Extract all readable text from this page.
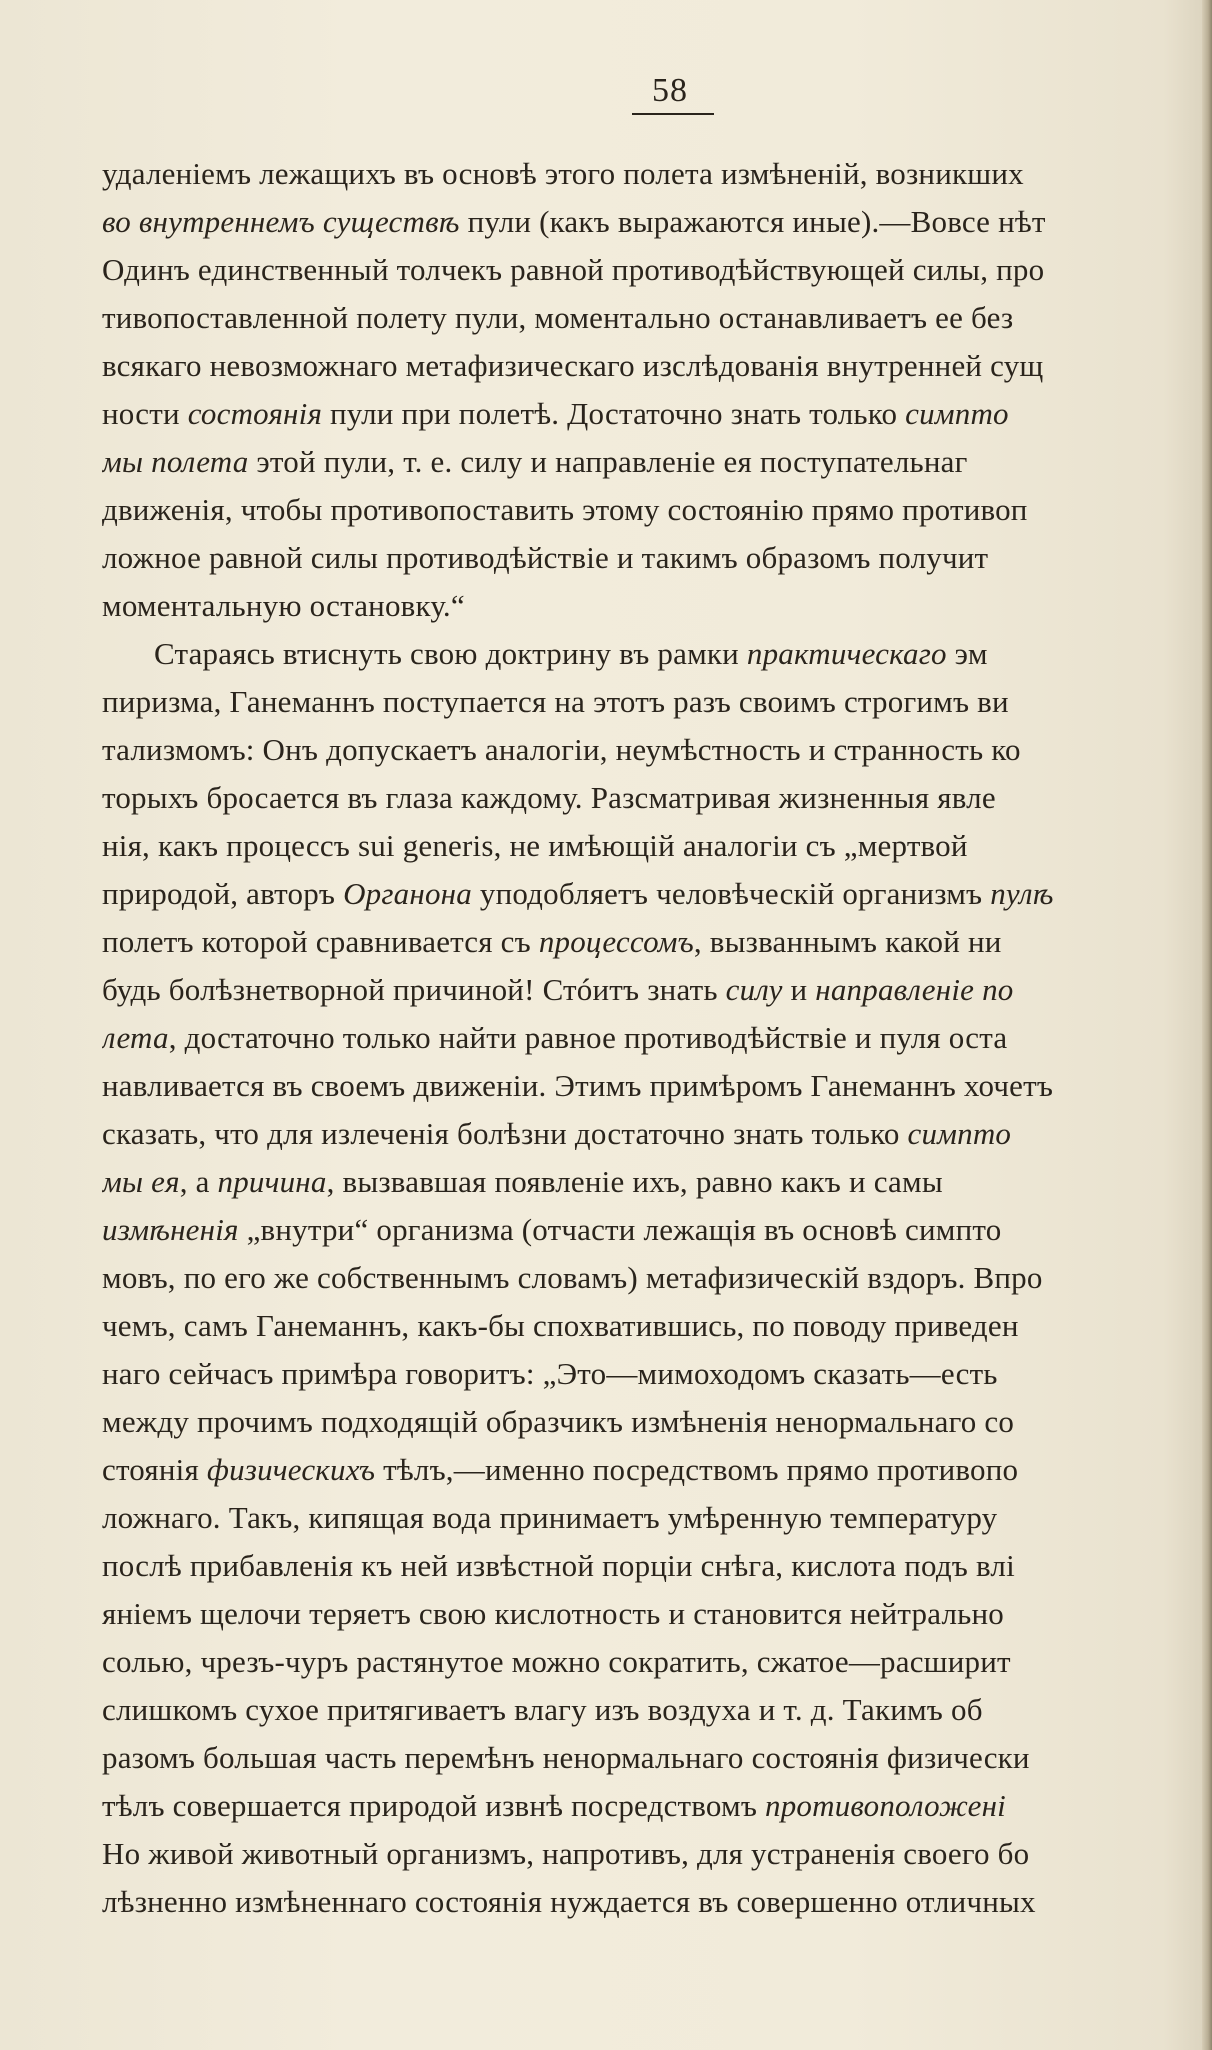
58
удаленіемъ лежащихъ въ основѣ этого полета измѣненій, возникших
во внутреннемъ существѣ пули (какъ выражаются иные).—Вовсе нѣт
Одинъ единственный толчекъ равной противодѣйствующей силы, про
тивопоставленной полету пули, моментально останавливаетъ ее без
всякаго невозможнаго метафизическаго изслѣдованія внутренней сущ
ности состоянія пули при полетѣ. Достаточно знать только симпто
мы полета этой пули, т. е. силу и направленіе ея поступательнаг
движенія, чтобы противопоставить этому состоянію прямо противоп
ложное равной силы противодѣйствіе и такимъ образомъ получит
моментальную остановку.“
Стараясь втиснуть свою доктрину въ рамки практическаго эм
пиризма, Ганеманнъ поступается на этотъ разъ своимъ строгимъ ви
тализмомъ: Онъ допускаетъ аналогіи, неумѣстность и странность ко
торыхъ бросается въ глаза каждому. Разсматривая жизненныя явле
нія, какъ процессъ sui generis, не имѣющій аналогіи съ „мертвой
природой, авторъ Органона уподобляетъ человѣческій организмъ пулѣ
полетъ которой сравнивается съ процессомъ, вызваннымъ какой ни
будь болѣзнетворной причиной! Стóитъ знать силу и направленіе по
лета, достаточно только найти равное противодѣйствіе и пуля оста
навливается въ своемъ движеніи. Этимъ примѣромъ Ганеманнъ хочетъ
сказать, что для излеченія болѣзни достаточно знать только симпто
мы ея, а причина, вызвавшая появленіе ихъ, равно какъ и самы
измѣненія „внутри“ организма (отчасти лежащія въ основѣ симпто
мовъ, по его же собственнымъ словамъ) метафизическій вздоръ. Впро
чемъ, самъ Ганеманнъ, какъ-бы спохватившись, по поводу приведен
наго сейчасъ примѣра говоритъ: „Это—мимоходомъ сказать—есть
между прочимъ подходящій образчикъ измѣненія ненормальнаго со
стоянія физическихъ тѣлъ,—именно посредствомъ прямо противопо
ложнаго. Такъ, кипящая вода принимаетъ умѣренную температуру
послѣ прибавленія къ ней извѣстной порціи снѣга, кислота подъ влі
яніемъ щелочи теряетъ свою кислотность и становится нейтрально
солью, чрезъ-чуръ растянутое можно сократить, сжатое—расширит
слишкомъ сухое притягиваетъ влагу изъ воздуха и т. д. Такимъ об
разомъ большая часть перемѣнъ ненормальнаго состоянія физически
тѣлъ совершается природой извнѣ посредствомъ противоположені
Но живой животный организмъ, напротивъ, для устраненія своего бо
лѣзненно измѣненнаго состоянія нуждается въ совершенно отличных
